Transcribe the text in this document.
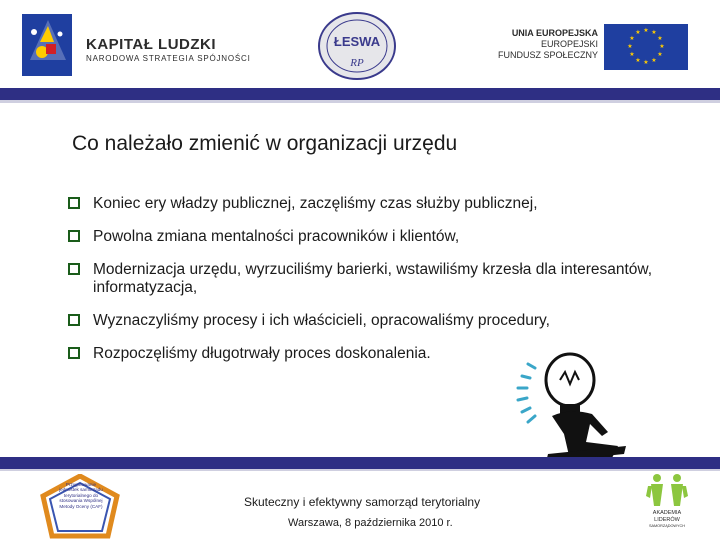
KAPITAŁ LUDZKI
NARODOWA STRATEGIA SPÓJNOŚCI
ŁESWA
RP
UNIA EUROPEJSKA
EUROPEJSKI
FUNDUSZ SPOŁECZNY
★ ★
★
★
★
★
★
★
★
★
★
★
Co należało zmienić w organizacji urzędu
Koniec ery władzy publicznej, zaczęliśmy czas służby publicznej,
Powolna zmiana mentalności pracowników i klientów,
Modernizacja urzędu, wyrzuciliśmy barierki, wstawiliśmy krzesła dla interesantów, informatyzacja,
Wyznaczyliśmy procesy i ich właścicieli, opracowaliśmy procedury,
Rozpoczęliśmy długotrwały proces doskonalenia.
Przygotowanie jednostek samorządu terytorialnego do stosowania Wspólnej Metody Oceny (CAF)	Skuteczny i efektywny samorząd terytorialny
Warszawa, 8 października 2010 r.
AKADEMIA
LIDERÓW
SAMORZĄDOWYCH
